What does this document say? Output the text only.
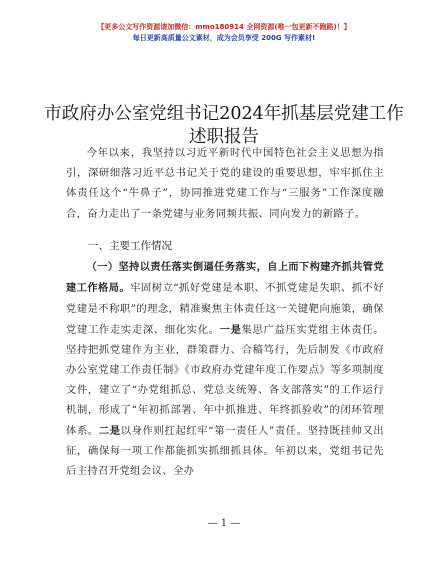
【更多公文写作资源请加微信：mmo180914 全网资源(唯一包更新不跑路)！】
每日更新高质量公文素材，成为会员享受 200G 写作素材!
市政府办公室党组书记2024年抓基层党建工作
述职报告
今年以来，我坚持以习近平新时代中国特色社会主义思想为指引，深研细落习近平总书记关于党的建设的重要思想，牢牢抓住主体责任这个“牛鼻子”，协同推进党建工作与“三服务”工作深度融合，奋力走出了一条党建与业务同频共振、同向发力的新路子。
一、主要工作情况
（一）坚持以责任落实倒逼任务落实，自上而下构建齐抓共管党建工作格局。牢固树立“抓好党建是本职、不抓党建是失职、抓不好党建是不称职”的理念，精准聚焦主体责任这一关键靶向施策，确保党建工作走实走深、细化实化。一是集思广益压实党组主体责任。坚持把抓党建作为主业，群策群力、合稿笃行，先后制发《市政府办公室党建工作责任制》《市政府办党建年度工作要点》等多项制度文件，建立了“办党组抓总、党总支统筹、各支部落实”的工作运行机制，形成了“年初抓部署、年中抓推进、年终抓验收”的闭环管理体系。二是以身作则扛起红牢“第一责任人”责任。坚持既挂帅又出征，确保每一项工作都能抓实抓细抓具体。年初以来，党组书记先后主持召开党组会议、全办
— 1 —
